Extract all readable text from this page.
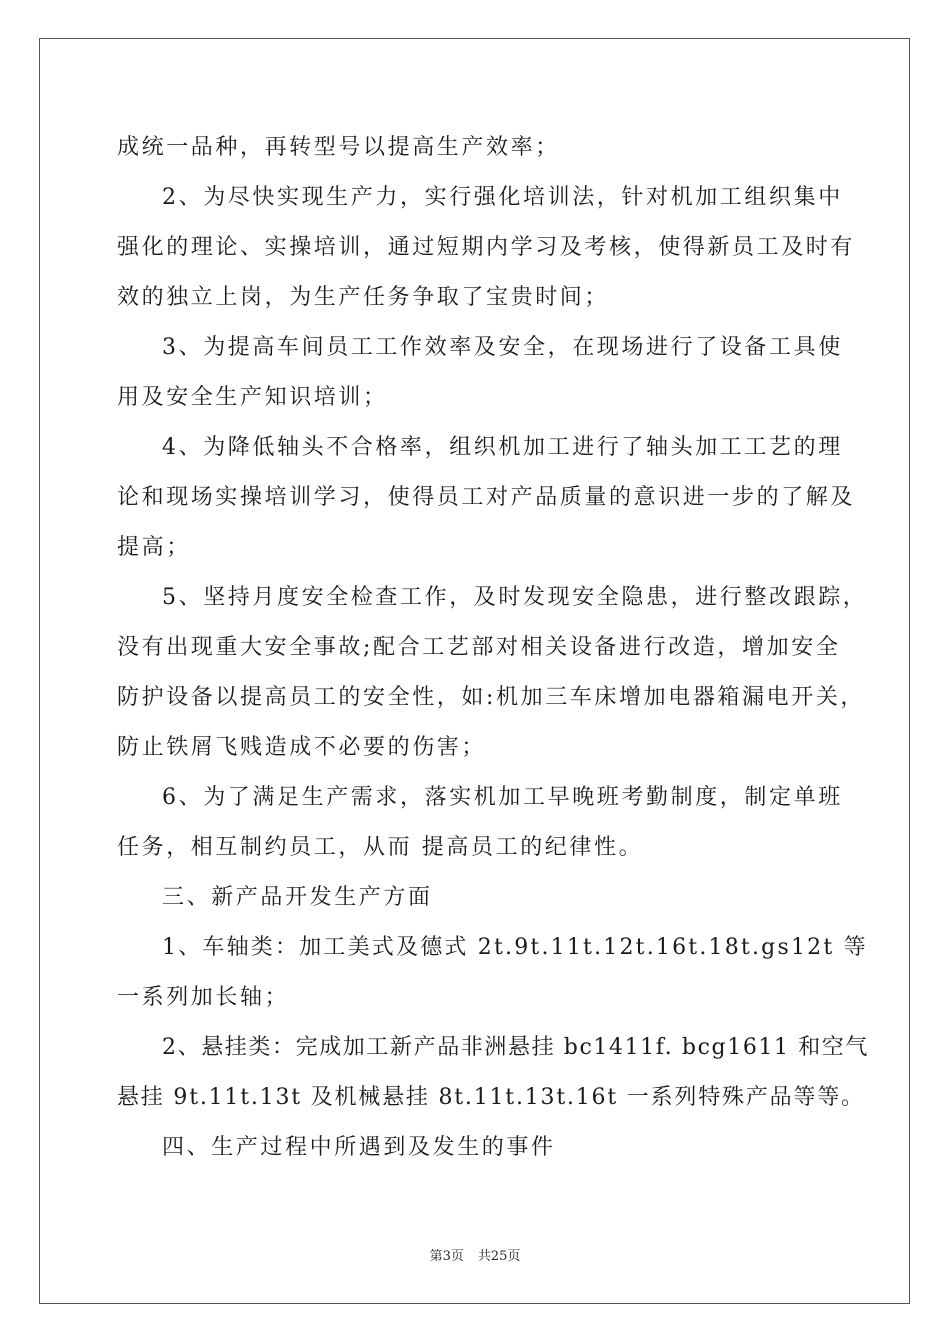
成统一品种，再转型号以提高生产效率；
2、为尽快实现生产力，实行强化培训法，针对机加工组织集中
强化的理论、实操培训，通过短期内学习及考核，使得新员工及时有
效的独立上岗，为生产任务争取了宝贵时间；
3、为提高车间员工工作效率及安全，在现场进行了设备工具使
用及安全生产知识培训；
4、为降低轴头不合格率，组织机加工进行了轴头加工工艺的理
论和现场实操培训学习，使得员工对产品质量的意识进一步的了解及
提高；
5、坚持月度安全检查工作，及时发现安全隐患，进行整改跟踪，
没有出现重大安全事故;配合工艺部对相关设备进行改造，增加安全
防护设备以提高员工的安全性，如:机加三车床增加电器箱漏电开关，
防止铁屑飞贱造成不必要的伤害；
6、为了满足生产需求，落实机加工早晚班考勤制度，制定单班
任务，相互制约员工，从而 提高员工的纪律性。
三、新产品开发生产方面
1、车轴类：加工美式及德式 2t.9t.11t.12t.16t.18t.gs12t 等
一系列加长轴；
2、悬挂类：完成加工新产品非洲悬挂 bc1411f. bcg1611 和空气
悬挂 9t.11t.13t 及机械悬挂 8t.11t.13t.16t 一系列特殊产品等等。
四、生产过程中所遇到及发生的事件
第3页 共25页
